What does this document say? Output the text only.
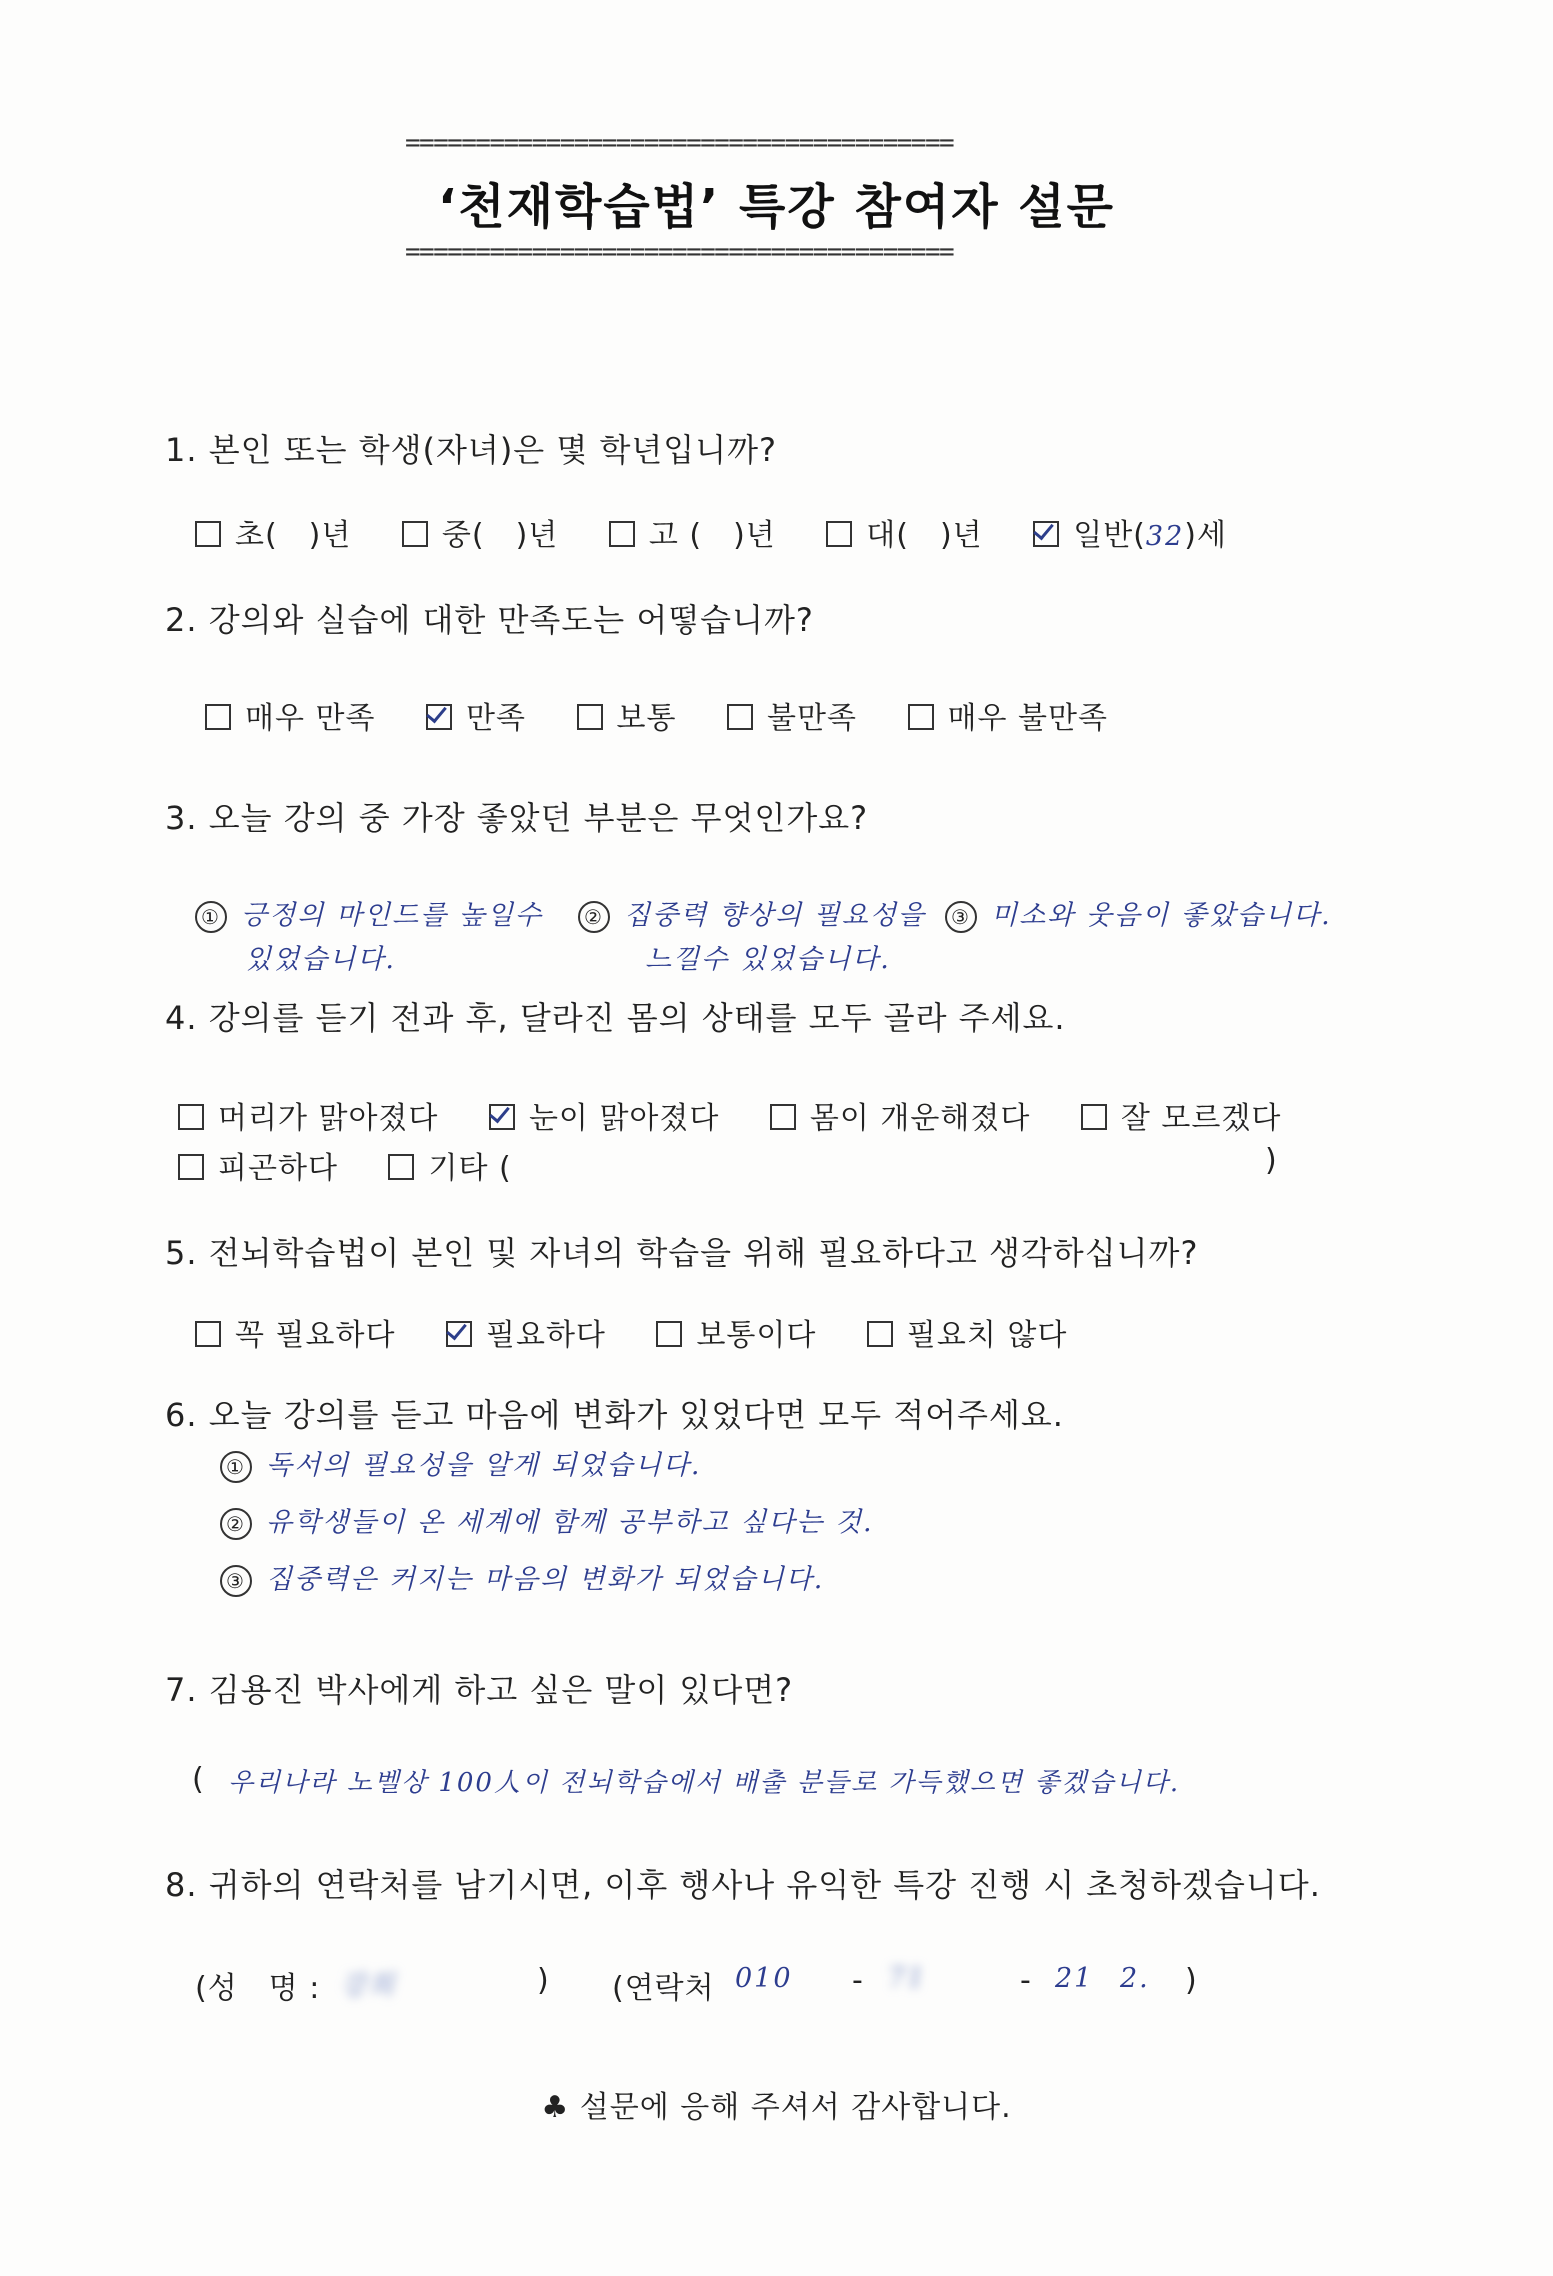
=======================================
‘천재학습법’ 특강 참여자 설문
=======================================
1. 본인 또는 학생(자녀)은 몇 학년입니까?
초(　)년	중(　)년	고 (　)년	대(　)년	일반(32)세
2. 강의와 실습에 대한 만족도는 어떻습니까?
매우 만족	만족	보통	불만족	매우 불만족
3. 오늘 강의 중 가장 좋았던 부분은 무엇인가요?
① 긍정의 마인드를 높일수
있었습니다.
② 집중력 향상의 필요성을
느낄수 있었습니다.
③ 미소와 웃음이 좋았습니다.
4. 강의를 듣기 전과 후, 달라진 몸의 상태를 모두 골라 주세요.
머리가 맑아졌다	눈이 맑아졌다	몸이 개운해졌다	잘 모르겠다
피곤하다	기타 (	)
5. 전뇌학습법이 본인 및 자녀의 학습을 위해 필요하다고 생각하십니까?
꼭 필요하다	필요하다	보통이다	필요치 않다
6. 오늘 강의를 듣고 마음에 변화가 있었다면 모두 적어주세요.
① 독서의 필요성을 알게 되었습니다.
② 유학생들이 온 세계에 함께 공부하고 싶다는 것.
③ 집중력은 커지는 마음의 변화가 되었습니다.
7. 김용진 박사에게 하고 싶은 말이 있다면?
( 우리나라 노벨상 100人이 전뇌학습에서 배출 분들로 가득했으면 좋겠습니다.
8. 귀하의 연락처를 남기시면, 이후 행사나 유익한 특강 진행 시 초청하겠습니다.
(성　명 : 강희	) (연락처 010 - 71	- 21 2. )
♣ 설문에 응해 주셔서 감사합니다.
